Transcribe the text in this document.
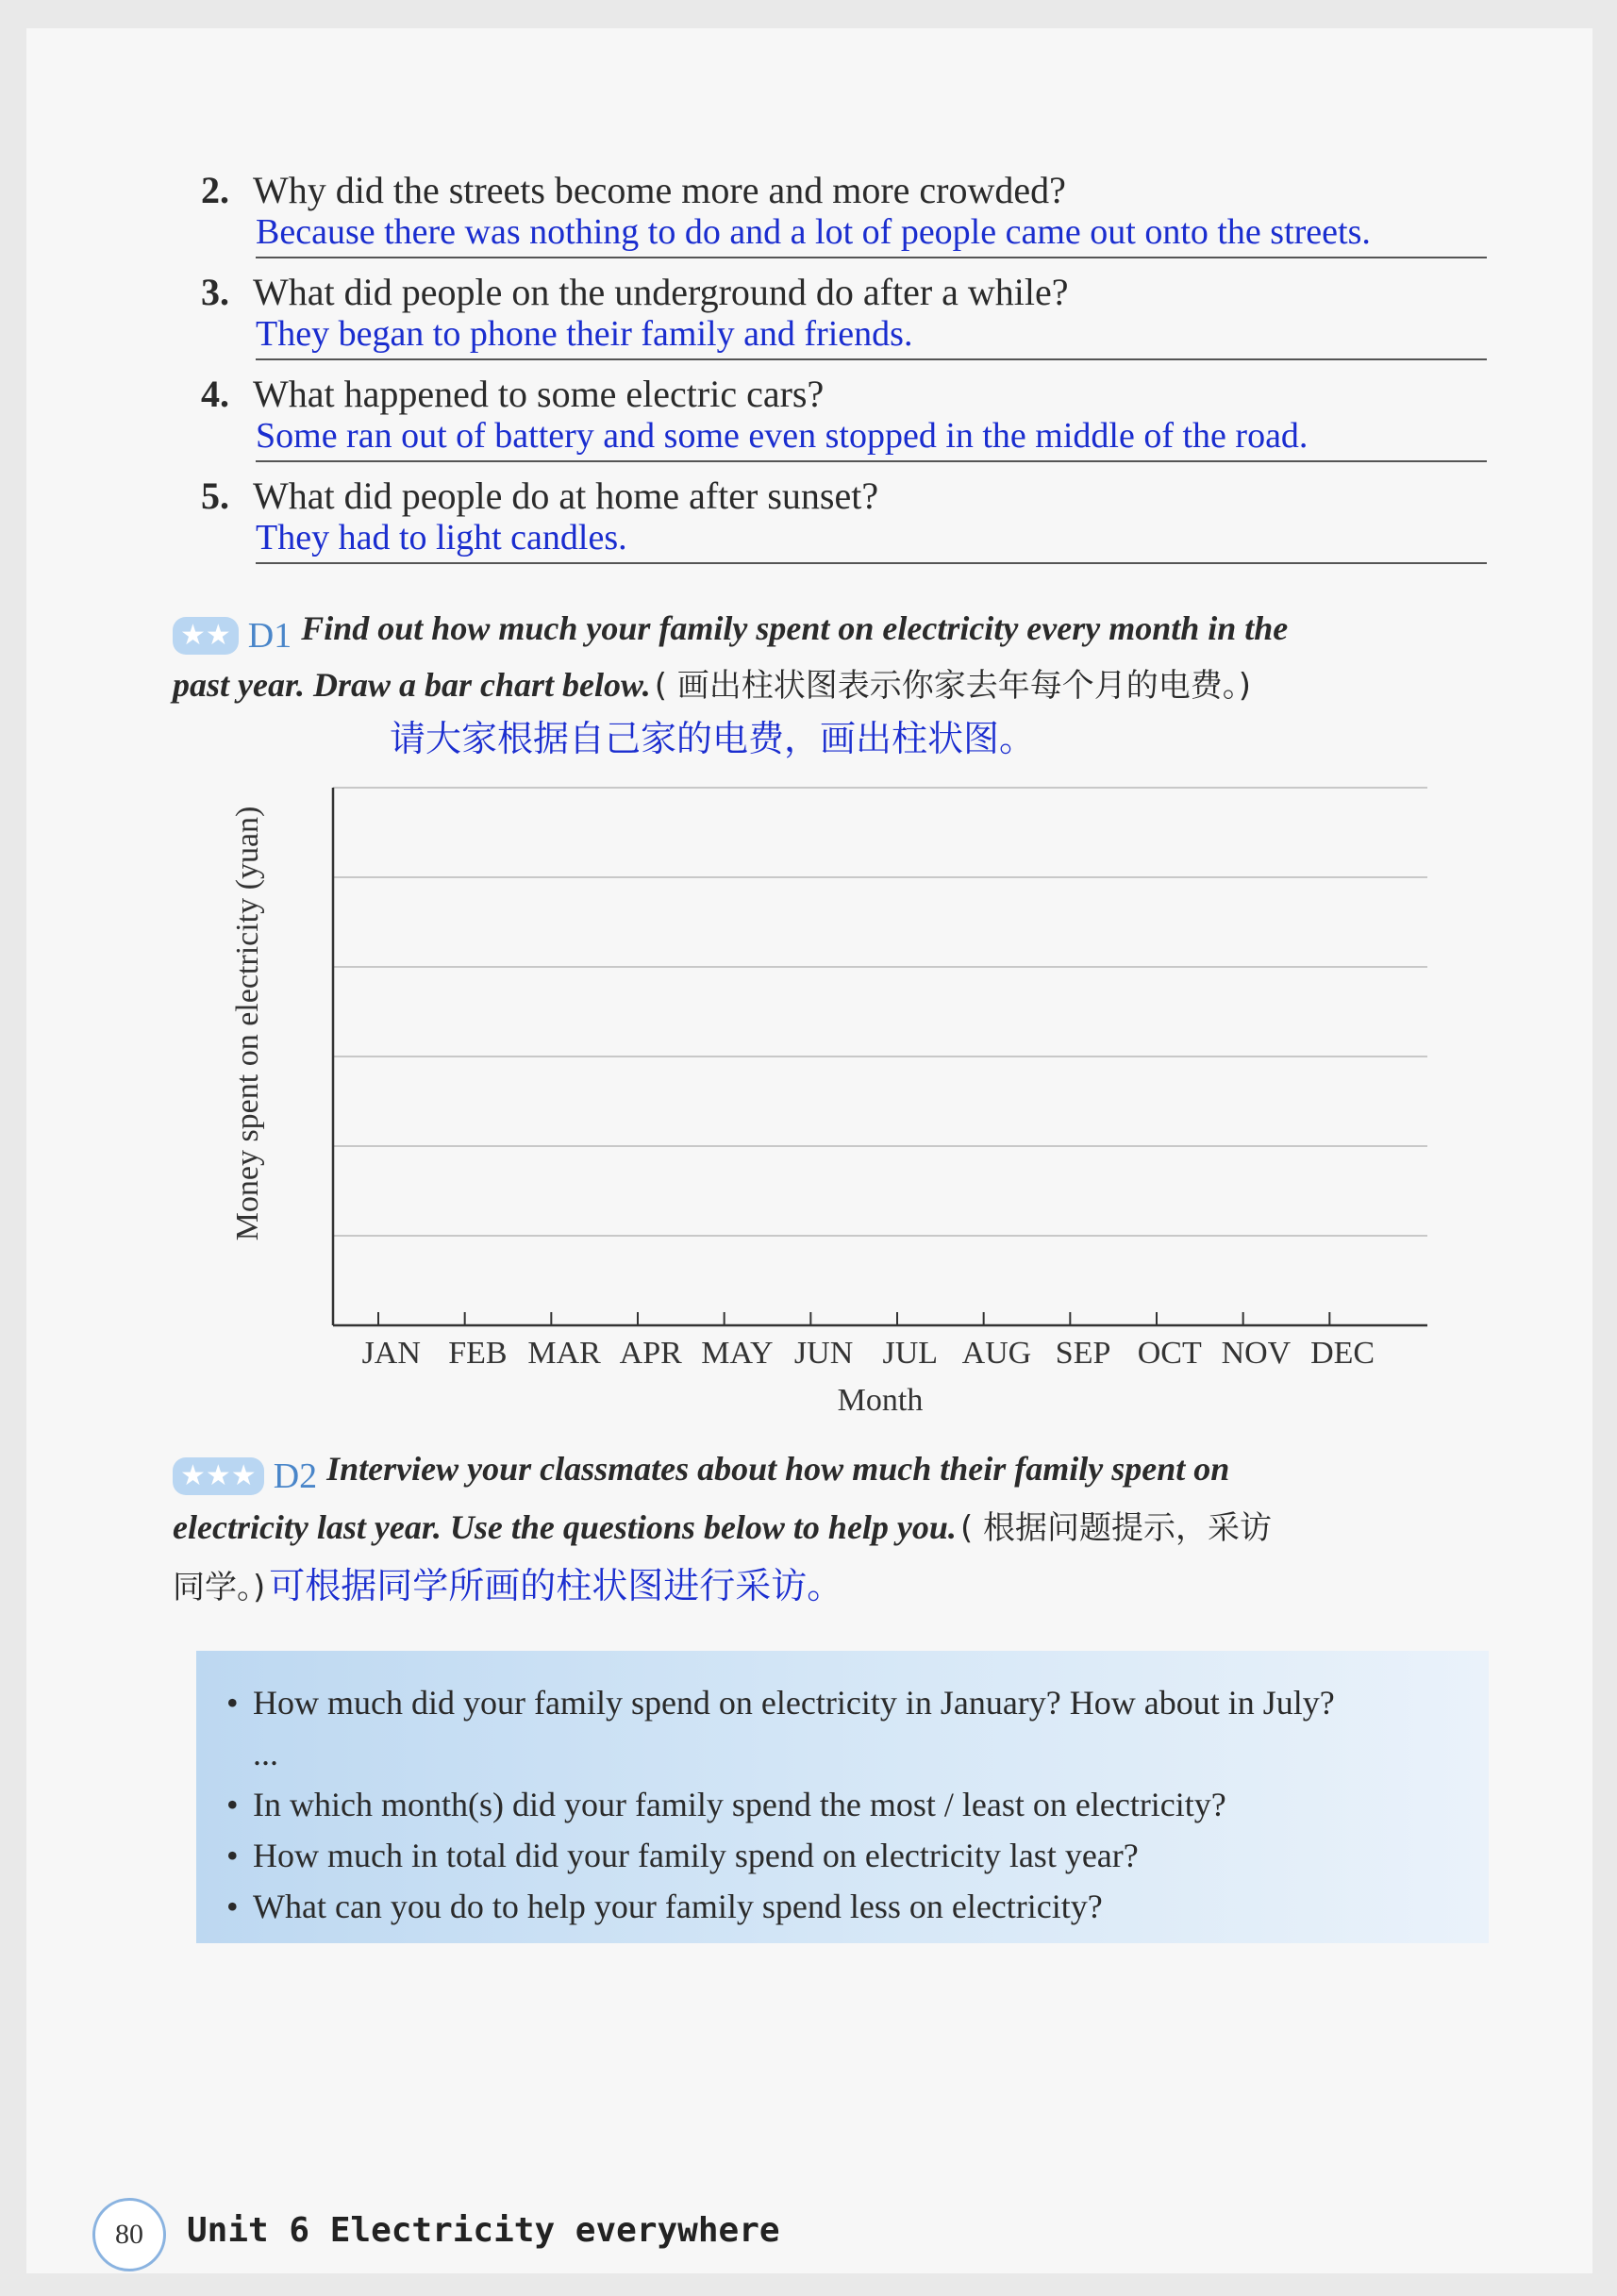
2. Why did the streets become more and more crowded?
Because there was nothing to do and a lot of people came out onto the streets.
3. What did people on the underground do after a while?
They began to phone their family and friends.
4. What happened to some electric cars?
Some ran out of battery and some even stopped in the middle of the road.
5. What did people do at home after sunset?
They had to light candles.
★★ D1 Find out how much your family spent on electricity every month in the
past year. Draw a bar chart below. ( 画出柱状图表示你家去年每个月的电费。)
请大家根据自己家的电费，画出柱状图。
JAN FEB MAR APR MAY JUN JUL AUG SEP OCT NOV DEC
Month
Money spent on electricity (yuan)
★★★ D2 Interview your classmates about how much their family spent on
electricity last year. Use the questions below to help you. ( 根据问题提示，采访
同学。) 可根据同学所画的柱状图进行采访。
• How much did your family spend on electricity in January? How about in July?
...
• In which month(s) did your family spend the most / least on electricity?
• How much in total did your family spend on electricity last year?
• What can you do to help your family spend less on electricity?
80	Unit 6 Electricity everywhere
